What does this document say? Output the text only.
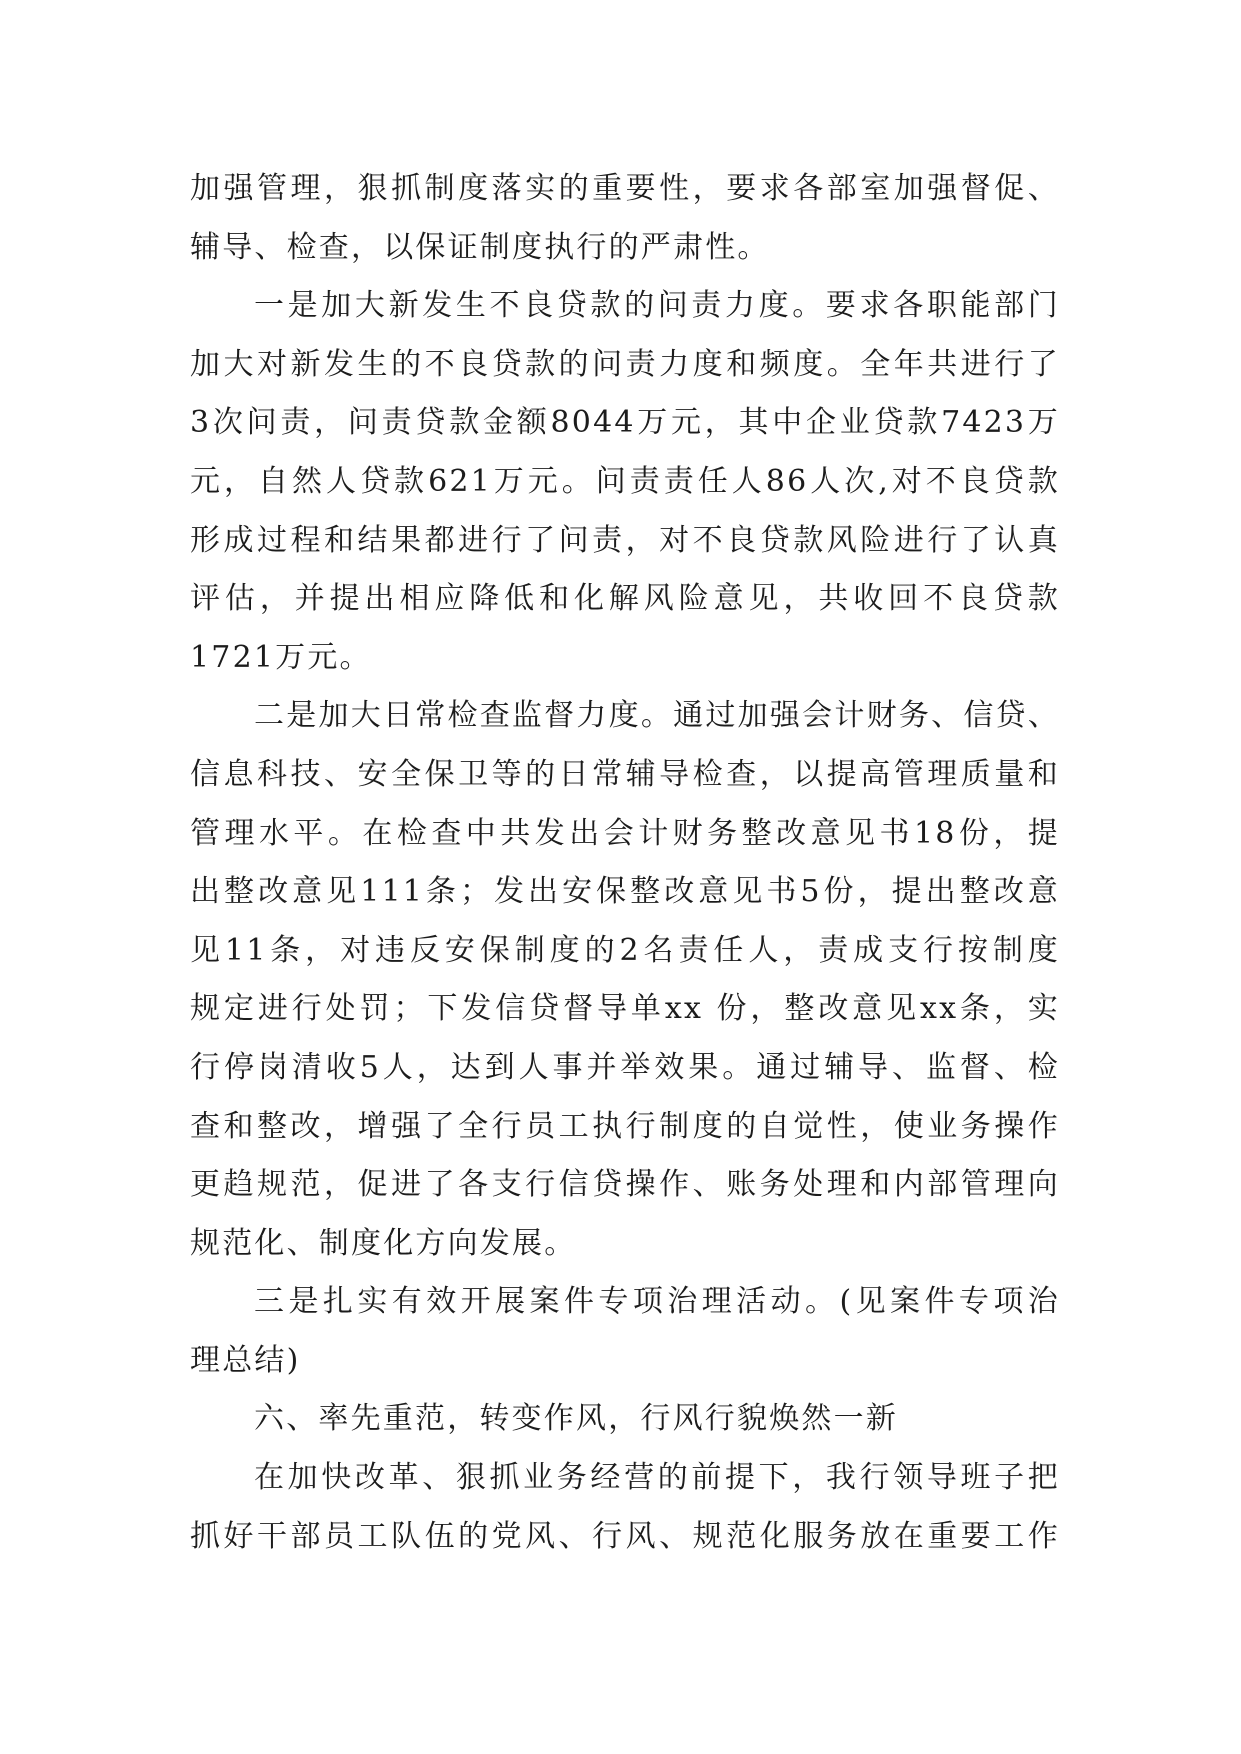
加强管理，狠抓制度落实的重要性，要求各部室加强督促、
辅导、检查，以保证制度执行的严肃性。
一是加大新发生不良贷款的问责力度。要求各职能部门
加大对新发生的不良贷款的问责力度和频度。全年共进行了
3次问责，问责贷款金额8044万元，其中企业贷款7423万
元，自然人贷款621万元。问责责任人86人次,对不良贷款
形成过程和结果都进行了问责，对不良贷款风险进行了认真
评估，并提出相应降低和化解风险意见，共收回不良贷款
1721万元。
二是加大日常检查监督力度。通过加强会计财务、信贷、
信息科技、安全保卫等的日常辅导检查，以提高管理质量和
管理水平。在检查中共发出会计财务整改意见书18份，提
出整改意见111条；发出安保整改意见书5份，提出整改意
见11条，对违反安保制度的2名责任人，责成支行按制度
规定进行处罚；下发信贷督导单xx 份，整改意见xx条，实
行停岗清收5人，达到人事并举效果。通过辅导、监督、检
查和整改，增强了全行员工执行制度的自觉性，使业务操作
更趋规范，促进了各支行信贷操作、账务处理和内部管理向
规范化、制度化方向发展。
三是扎实有效开展案件专项治理活动。(见案件专项治
理总结)
六、率先重范，转变作风，行风行貌焕然一新
在加快改革、狠抓业务经营的前提下，我行领导班子把
抓好干部员工队伍的党风、行风、规范化服务放在重要工作
